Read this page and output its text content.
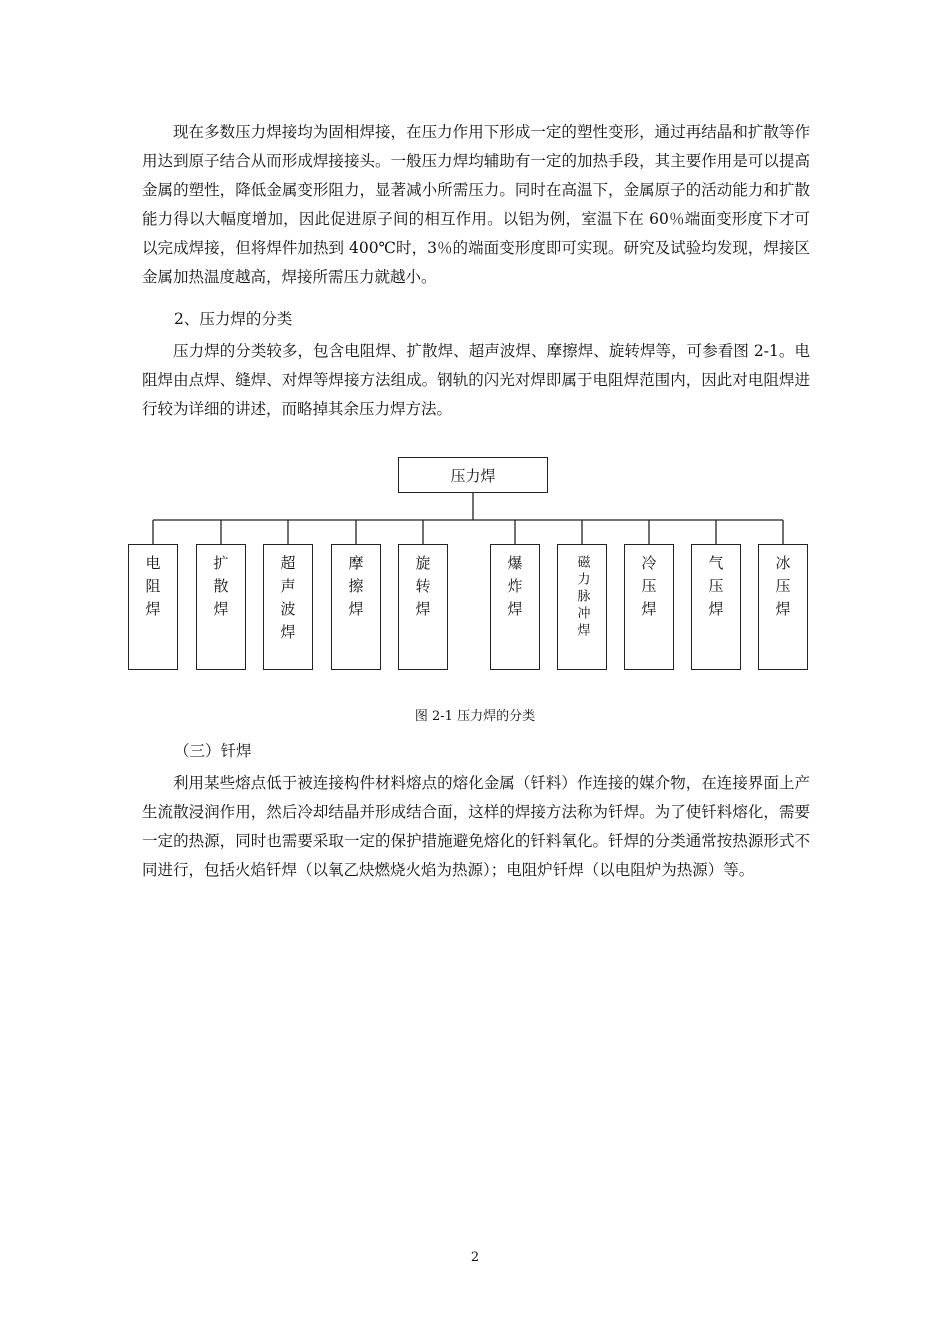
现在多数压力焊接均为固相焊接，在压力作用下形成一定的塑性变形，通过再结晶和扩散等作用达到原子结合从而形成焊接接头。一般压力焊均辅助有一定的加热手段，其主要作用是可以提高金属的塑性，降低金属变形阻力，显著减小所需压力。同时在高温下，金属原子的活动能力和扩散能力得以大幅度增加，因此促进原子间的相互作用。以铝为例，室温下在 60％端面变形度下才可以完成焊接，但将焊件加热到 400℃时，3％的端面变形度即可实现。研究及试验均发现，焊接区金属加热温度越高，焊接所需压力就越小。

2、压力焊的分类

压力焊的分类较多，包含电阻焊、扩散焊、超声波焊、摩擦焊、旋转焊等，可参看图 2-1。电阻焊由点焊、缝焊、对焊等焊接方法组成。钢轨的闪光对焊即属于电阻焊范围内，因此对电阻焊进行较为详细的讲述，而略掉其余压力焊方法。

压力焊
电阻焊	扩散焊	超声波焊	摩擦焊	旋转焊	爆炸焊	磁力脉冲焊	冷压焊	气压焊	冰压焊
图 2-1 压力焊的分类

（三）钎焊

利用某些熔点低于被连接构件材料熔点的熔化金属（钎料）作连接的媒介物，在连接界面上产生流散浸润作用，然后冷却结晶并形成结合面，这样的焊接方法称为钎焊。为了使钎料熔化，需要一定的热源，同时也需要采取一定的保护措施避免熔化的钎料氧化。钎焊的分类通常按热源形式不同进行，包括火焰钎焊（以氧乙炔燃烧火焰为热源）；电阻炉钎焊（以电阻炉为热源）等。

2
